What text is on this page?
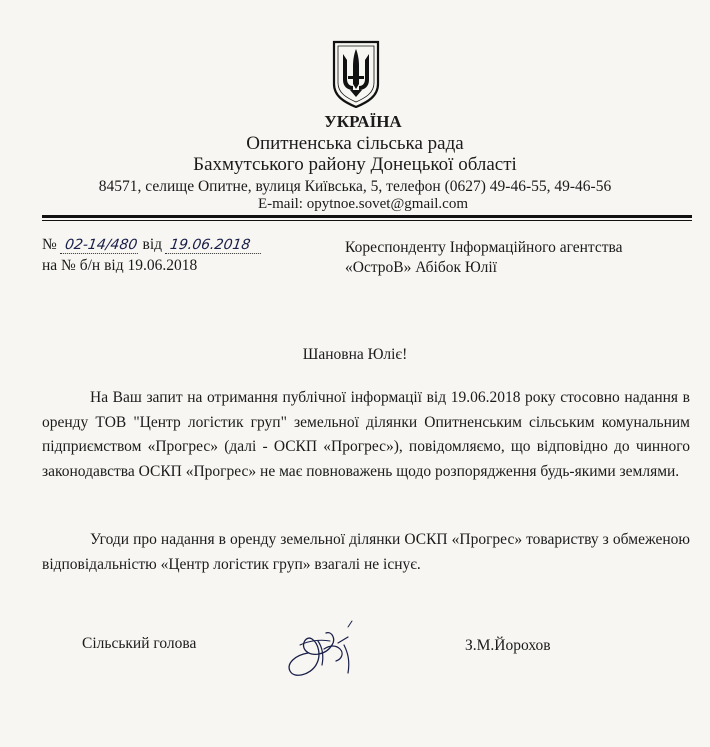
УКРАЇНА
Опитненська сільська рада
Бахмутського району Донецької області
84571, селище Опитне, вулиця Київська, 5, телефон (0627) 49-46-55, 49-46-56
E-mail: opytnoe.sovet@gmail.com
№ 02-14/480 від 19.06.2018
на № б/н від 19.06.2018
Кореспонденту Інформаційного агентства
«ОстроВ» Абібок Юлії
Шановна Юліє!
На Ваш запит на отримання публічної інформації від 19.06.2018 року стосовно надання в оренду ТОВ "Центр логістик груп" земельної ділянки Опитненським сільським комунальним підприємством «Прогрес» (далі - ОСКП «Прогрес»), повідомляємо, що відповідно до чинного законодавства ОСКП «Прогрес» не має повноважень щодо розпорядження будь-якими землями.
Угоди про надання в оренду земельної ділянки ОСКП «Прогрес» товариству з обмеженою відповідальністю «Центр логістик груп» взагалі не існує.
Сільський голова	З.М.Йорохов
